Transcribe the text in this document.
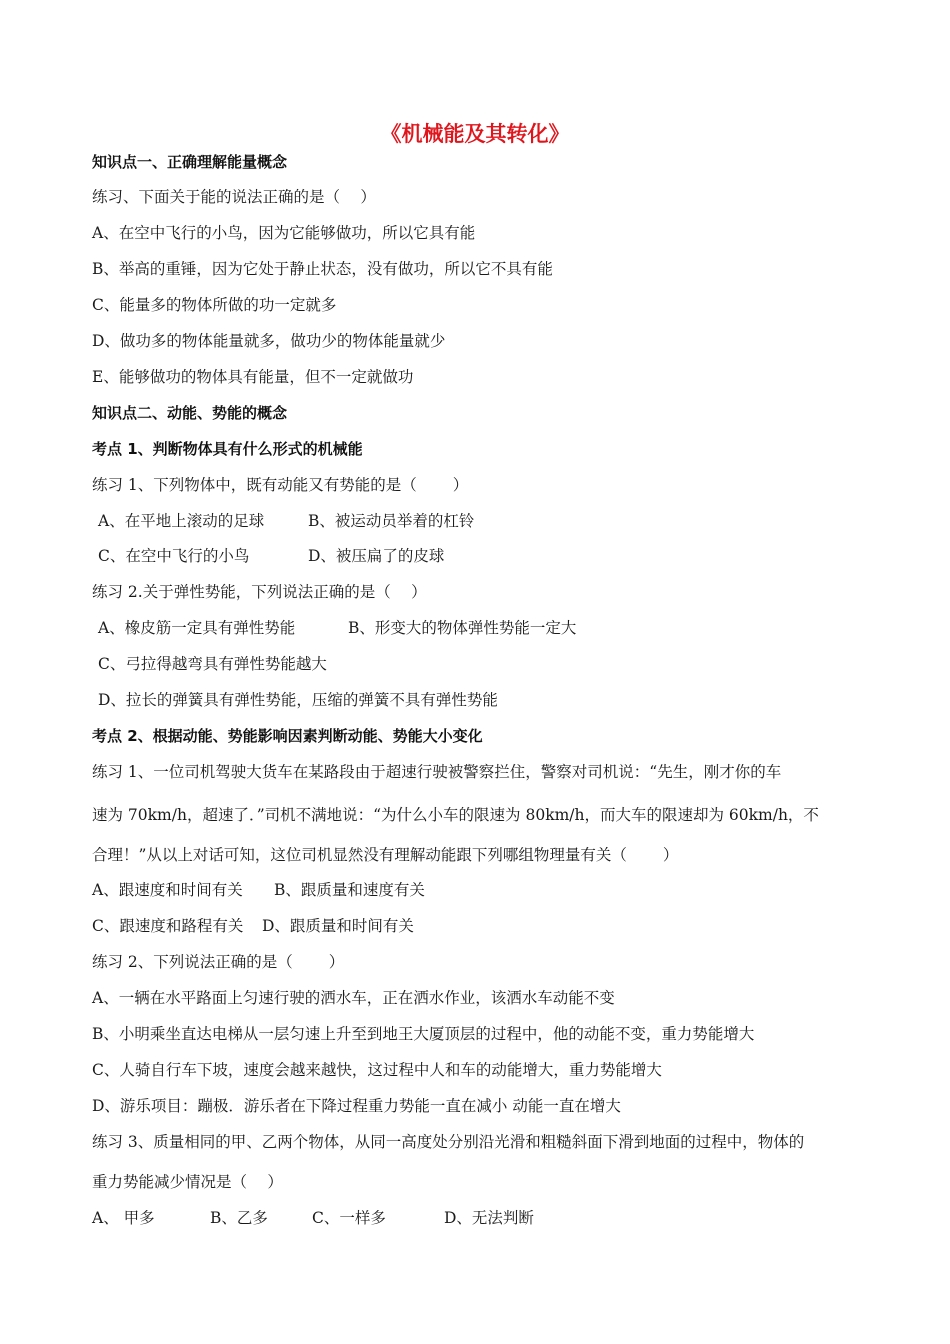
《机械能及其转化》
知识点一、正确理解能量概念
练习、下面关于能的说法正确的是（　 ）
A、在空中飞行的小鸟，因为它能够做功，所以它具有能
B、举高的重锤，因为它处于静止状态，没有做功，所以它不具有能
C、能量多的物体所做的功一定就多
D、做功多的物体能量就多，做功少的物体能量就少
E、能够做功的物体具有能量，但不一定就做功
知识点二、动能、势能的概念
考点 1、判断物体具有什么形式的机械能
练习 1、下列物体中，既有动能又有势能的是（　　 ）
A、在平地上滚动的足球	B、被运动员举着的杠铃
C、在空中飞行的小鸟	D、被压扁了的皮球
练习 2.关于弹性势能，下列说法正确的是（　 ）
A、橡皮筋一定具有弹性势能	B、形变大的物体弹性势能一定大
C、弓拉得越弯具有弹性势能越大
D、拉长的弹簧具有弹性势能，压缩的弹簧不具有弹性势能
考点 2、根据动能、势能影响因素判断动能、势能大小变化
练习 1、一位司机驾驶大货车在某路段由于超速行驶被警察拦住，警察对司机说：“先生，刚才你的车
速为 70km/h，超速了．”司机不满地说：“为什么小车的限速为 80km/h，而大车的限速却为 60km/h，不
合理！”从以上对话可知，这位司机显然没有理解动能跟下列哪组物理量有关（　　 ）
A、跟速度和时间有关 B、跟质量和速度有关
C、跟速度和路程有关 D、跟质量和时间有关
练习 2、下列说法正确的是（　　 ）
A、一辆在水平路面上匀速行驶的洒水车，正在洒水作业，该洒水车动能不变
B、小明乘坐直达电梯从一层匀速上升至到地王大厦顶层的过程中，他的动能不变，重力势能增大
C、人骑自行车下坡，速度会越来越快，这过程中人和车的动能增大，重力势能增大
D、游乐项目：蹦极．游乐者在下降过程重力势能一直在减小 动能一直在增大
练习 3、质量相同的甲、乙两个物体，从同一高度处分别沿光滑和粗糙斜面下滑到地面的过程中，物体的
重力势能减少情况是（　 ）
A、 甲多	B、乙多	C、一样多	D、无法判断
